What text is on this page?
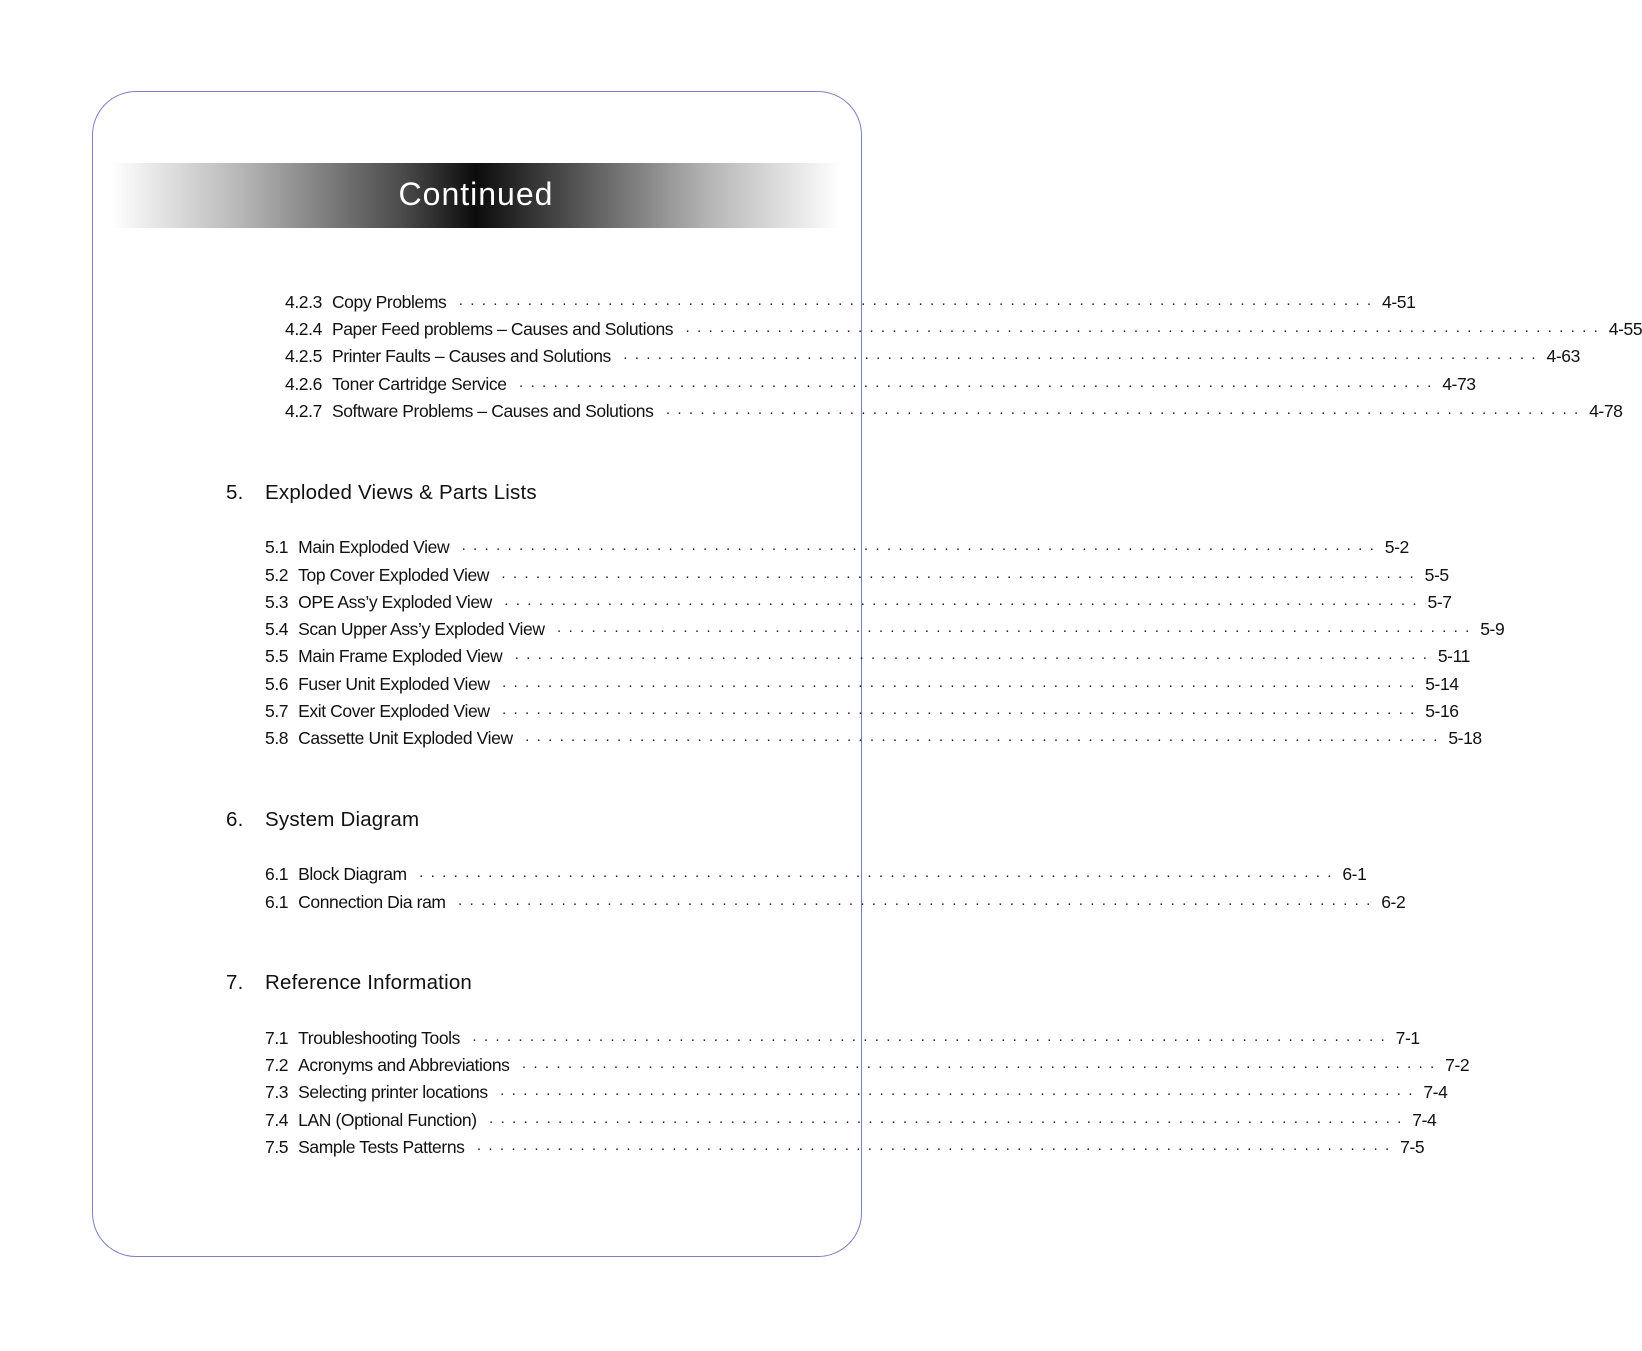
Continued
4.2.3 Copy Problems ················································································ 4-51
4.2.4 Paper Feed problems – Causes and Solutions ················································································ 4-55
4.2.5 Printer Faults – Causes and Solutions ················································································ 4-63
4.2.6 Toner Cartridge Service ················································································ 4-73
4.2.7 Software Problems – Causes and Solutions ················································································ 4-78
5. Exploded Views & Parts Lists
5.1 Main Exploded View ················································································ 5-2
5.2 Top Cover Exploded View ················································································ 5-5
5.3 OPE Ass’y Exploded View ················································································ 5-7
5.4 Scan Upper Ass’y Exploded View ················································································ 5-9
5.5 Main Frame Exploded View ················································································ 5-11
5.6 Fuser Unit Exploded View ················································································ 5-14
5.7 Exit Cover Exploded View ················································································ 5-16
5.8 Cassette Unit Exploded View ················································································ 5-18
6. System Diagram
6.1 Block Diagram ················································································ 6-1
6.1 Connection Dia ram ················································································ 6-2
7. Reference Information
7.1 Troubleshooting Tools ················································································ 7-1
7.2 Acronyms and Abbreviations ················································································ 7-2
7.3 Selecting printer locations ················································································ 7-4
7.4 LAN (Optional Function) ················································································ 7-4
7.5 Sample Tests Patterns ················································································ 7-5
